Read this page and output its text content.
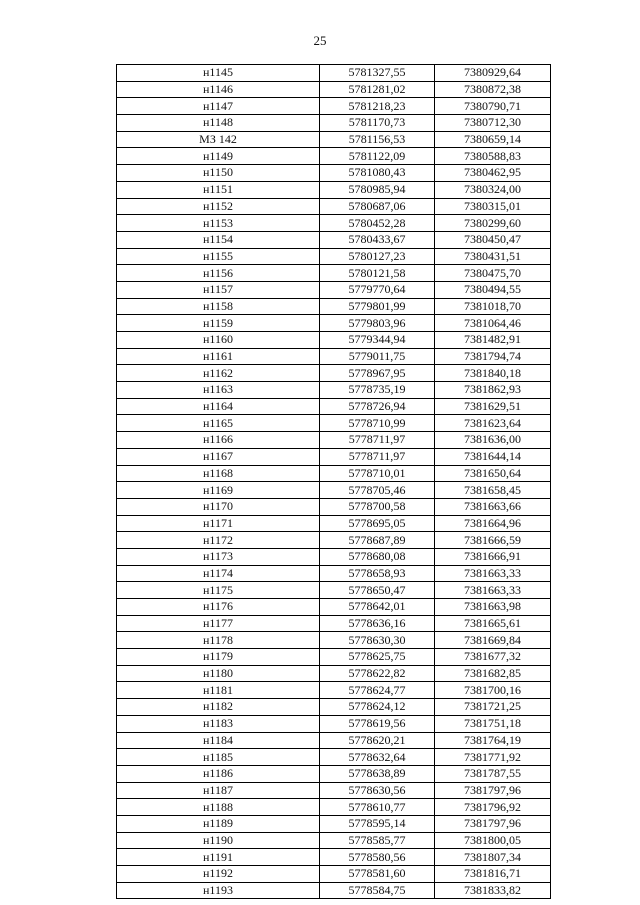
25
н1145	5781327,55	7380929,64
н1146	5781281,02	7380872,38
н1147	5781218,23	7380790,71
н1148	5781170,73	7380712,30
МЗ 142	5781156,53	7380659,14
н1149	5781122,09	7380588,83
н1150	5781080,43	7380462,95
н1151	5780985,94	7380324,00
н1152	5780687,06	7380315,01
н1153	5780452,28	7380299,60
н1154	5780433,67	7380450,47
н1155	5780127,23	7380431,51
н1156	5780121,58	7380475,70
н1157	5779770,64	7380494,55
н1158	5779801,99	7381018,70
н1159	5779803,96	7381064,46
н1160	5779344,94	7381482,91
н1161	5779011,75	7381794,74
н1162	5778967,95	7381840,18
н1163	5778735,19	7381862,93
н1164	5778726,94	7381629,51
н1165	5778710,99	7381623,64
н1166	5778711,97	7381636,00
н1167	5778711,97	7381644,14
н1168	5778710,01	7381650,64
н1169	5778705,46	7381658,45
н1170	5778700,58	7381663,66
н1171	5778695,05	7381664,96
н1172	5778687,89	7381666,59
н1173	5778680,08	7381666,91
н1174	5778658,93	7381663,33
н1175	5778650,47	7381663,33
н1176	5778642,01	7381663,98
н1177	5778636,16	7381665,61
н1178	5778630,30	7381669,84
н1179	5778625,75	7381677,32
н1180	5778622,82	7381682,85
н1181	5778624,77	7381700,16
н1182	5778624,12	7381721,25
н1183	5778619,56	7381751,18
н1184	5778620,21	7381764,19
н1185	5778632,64	7381771,92
н1186	5778638,89	7381787,55
н1187	5778630,56	7381797,96
н1188	5778610,77	7381796,92
н1189	5778595,14	7381797,96
н1190	5778585,77	7381800,05
н1191	5778580,56	7381807,34
н1192	5778581,60	7381816,71
н1193	5778584,75	7381833,82
